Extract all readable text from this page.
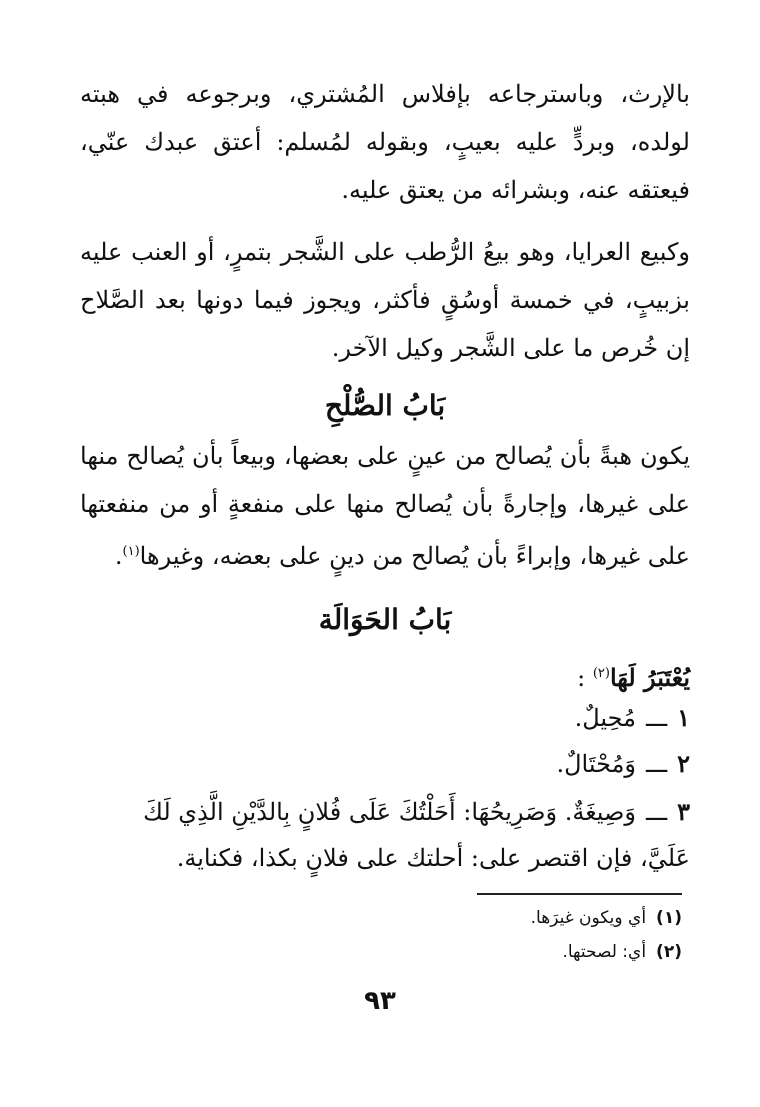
بالإرث، وباسترجاعه بإفلاس المُشتري، وبرجوعه في هبته لولده، وبردٍّ عليه بعيبٍ، وبقوله لمُسلم: أعتق عبدك عنّي، فيعتقه عنه، وبشرائه من يعتق عليه.

وكبيع العرايا، وهو بيعُ الرُّطب على الشَّجر بتمرٍ، أو العنب عليه بزبيبٍ، في خمسة أوسُقٍ فأكثر، ويجوز فيما دونها بعد الصَّلاح إن خُرص ما على الشَّجر وكيل الآخر.

بَابُ الصُّلْحِ

يكون هبةً بأن يُصالح من عينٍ على بعضها، وبيعاً بأن يُصالح منها على غيرها، وإجارةً بأن يُصالح منها على منفعةٍ أو من منفعتها على غيرها، وإبراءً بأن يُصالح من دينٍ على بعضه، وغيرها$^{(١)}$.

بَابُ الحَوَالَة
يُعْتَبَرُ لَهَا$^{(٢)}$ :
١ـــمُحِيلٌ.
٢ـــوَمُحْتَالٌ.
٣ـــوَصِيغَةٌ. وَصَرِيحُهَا: أَحَلْتُكَ عَلَى فُلانٍ بِالدَّيْنِ الَّذِي لَكَ
عَلَيَّ، فإن اقتصر على: أحلتك على فلانٍ بكذا، فكناية.
(١)أي ويكون غيرَها.
(٢)أي: لصحتها.
٩٣
